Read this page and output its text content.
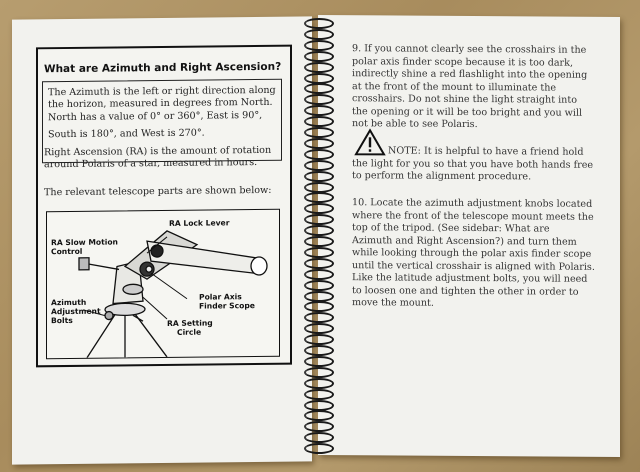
What are Azimuth and Right Ascension?
The Azimuth is the left or right direction along
the horizon, measured in degrees from North.
North has a value of 0° or 360°, East is 90°,
South is 180°, and West is 270°.
Right Ascension (RA) is the amount of rotation
around Polaris of a star, measured in hours.
The relevant telescope parts are shown below:
RA Slow Motion
Control
RA Lock Lever
Azimuth
Adjustment
Bolts
Polar Axis
Finder Scope
RA Setting
Circle
9. If you cannot clearly see the crosshairs in the
polar axis finder scope because it is too dark,
indirectly shine a red flashlight into the opening
at the front of the mount to illuminate the
crosshairs. Do not shine the light straight into
the opening or it will be too bright and you will
not be able to see Polaris.
NOTE: It is helpful to have a friend hold
the light for you so that you have both hands free
to perform the alignment procedure.
10. Locate the azimuth adjustment knobs located
where the front of the telescope mount meets the
top of the tripod. (See sidebar: What are
Azimuth and Right Ascension?) and turn them
while looking through the polar axis finder scope
until the vertical crosshair is aligned with Polaris.
Like the latitude adjustment bolts, you will need
to loosen one and tighten the other in order to
move the mount.
